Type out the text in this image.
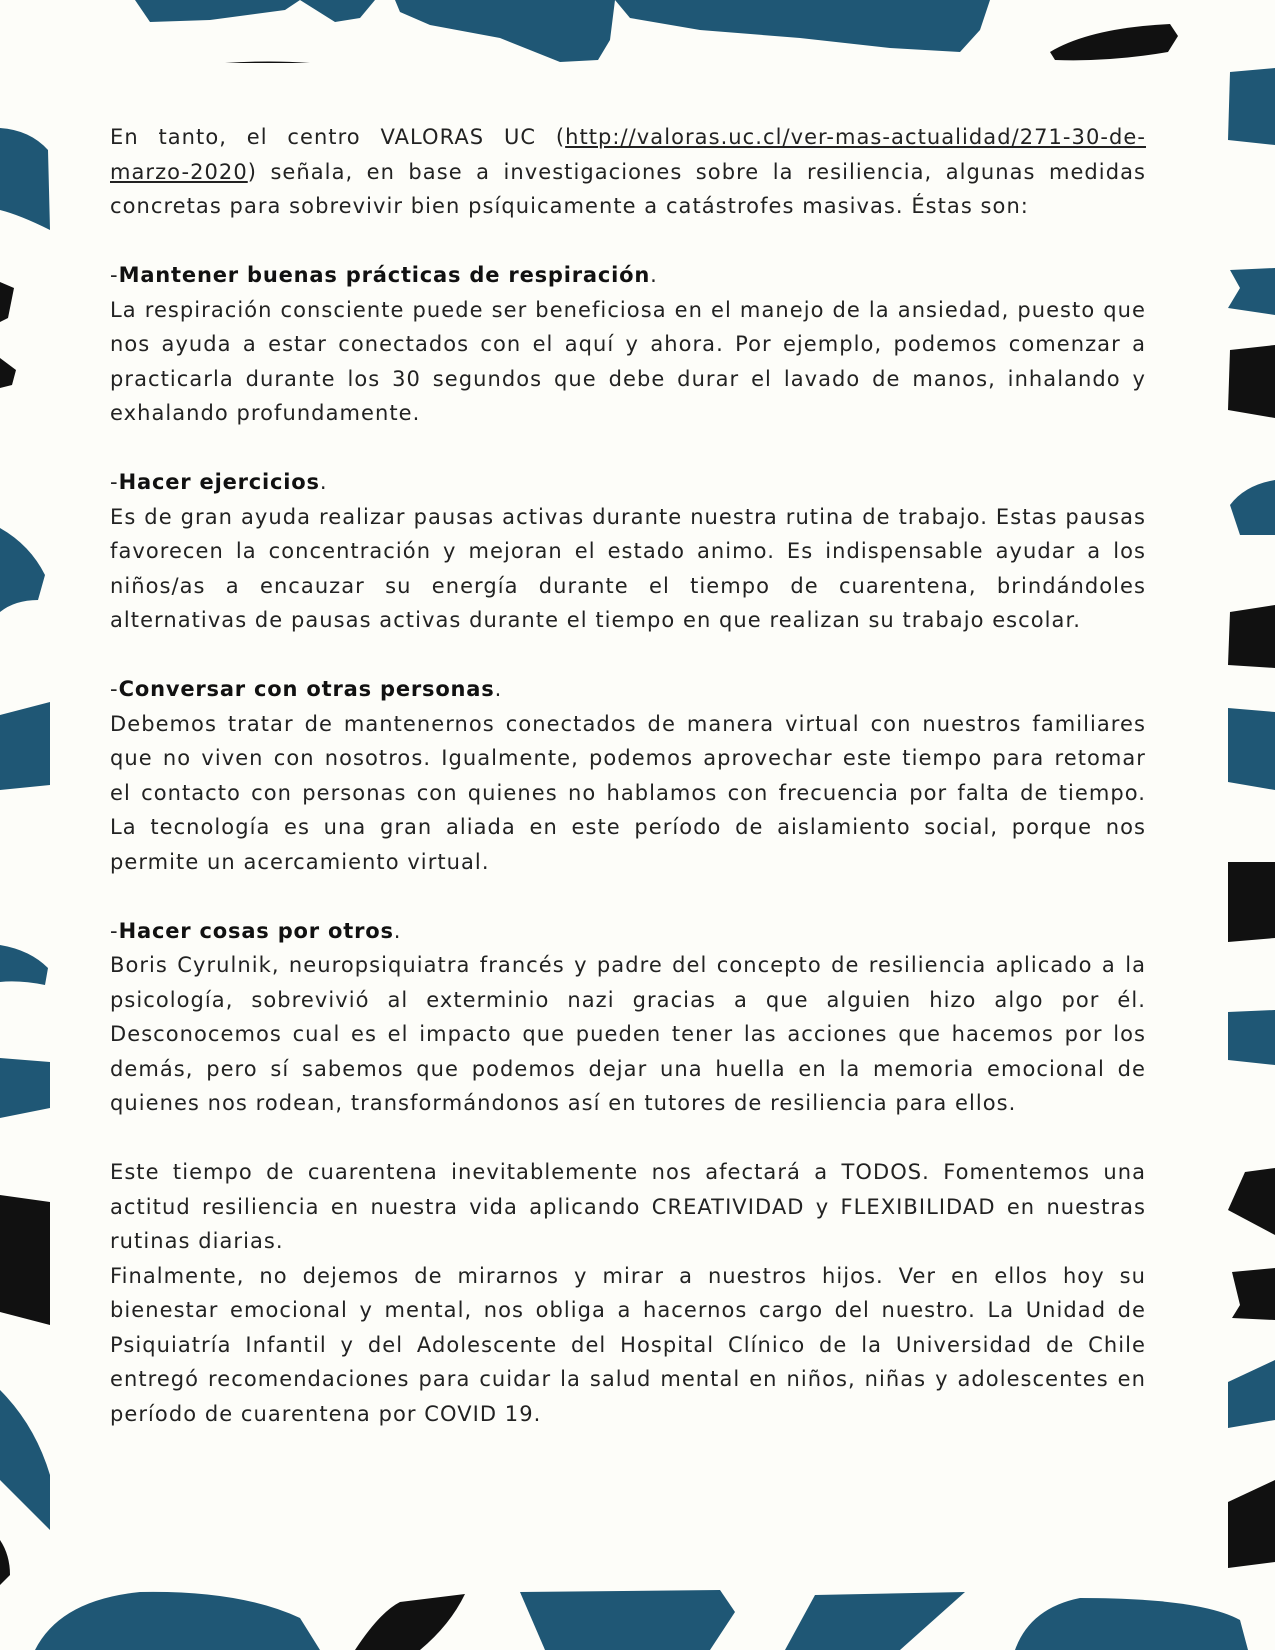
En tanto, el centro VALORAS UC (http://valoras.uc.cl/ver-mas-actualidad/271-30-de-marzo-2020) señala, en base a investigaciones sobre la resiliencia, algunas medidas concretas para sobrevivir bien psíquicamente a catástrofes masivas. Éstas son:

-Mantener buenas prácticas de respiración.

La respiración consciente puede ser beneficiosa en el manejo de la ansiedad, puesto que nos ayuda a estar conectados con el aquí y ahora. Por ejemplo, podemos comenzar a practicarla durante los 30 segundos que debe durar el lavado de manos, inhalando y exhalando profundamente.

-Hacer ejercicios.

Es de gran ayuda realizar pausas activas durante nuestra rutina de trabajo. Estas pausas favorecen la concentración y mejoran el estado animo. Es indispensable ayudar a los niños/as a encauzar su energía durante el tiempo de cuarentena, brindándoles alternativas de pausas activas durante el tiempo en que realizan su trabajo escolar.

-Conversar con otras personas.

Debemos tratar de mantenernos conectados de manera virtual con nuestros familiares que no viven con nosotros. Igualmente, podemos aprovechar este tiempo para retomar el contacto con personas con quienes no hablamos con frecuencia por falta de tiempo. La tecnología es una gran aliada en este período de aislamiento social, porque nos permite un acercamiento virtual.

-Hacer cosas por otros.

Boris Cyrulnik, neuropsiquiatra francés y padre del concepto de resiliencia aplicado a la psicología, sobrevivió al exterminio nazi gracias a que alguien hizo algo por él. Desconocemos cual es el impacto que pueden tener las acciones que hacemos por los demás, pero sí sabemos que podemos dejar una huella en la memoria emocional de quienes nos rodean, transformándonos así en tutores de resiliencia para ellos.

Este tiempo de cuarentena inevitablemente nos afectará a TODOS. Fomentemos una actitud resiliencia en nuestra vida aplicando CREATIVIDAD y FLEXIBILIDAD en nuestras rutinas diarias.

Finalmente, no dejemos de mirarnos y mirar a nuestros hijos. Ver en ellos hoy su bienestar emocional y mental, nos obliga a hacernos cargo del nuestro. La Unidad de Psiquiatría Infantil y del Adolescente del Hospital Clínico de la Universidad de Chile entregó recomendaciones para cuidar la salud mental en niños, niñas y adolescentes en período de cuarentena por COVID 19.
